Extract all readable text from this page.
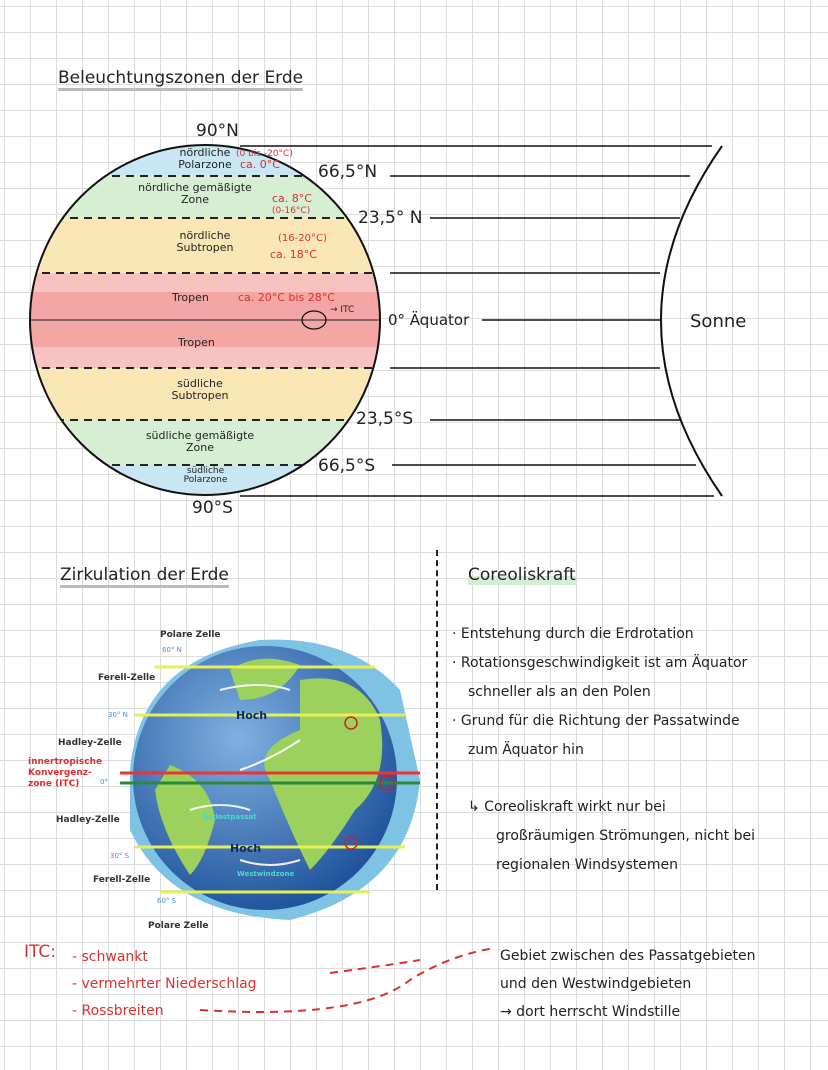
Beleuchtungszonen der Erde
90°N
66,5°N
23,5° N
0° Äquator
23,5°S
66,5°S
90°S
Sonne
→ ITC
nördliche Polarzone
(0 bis -20°C)
ca. 0°C
nördliche gemäßigte Zone	ca. 8°C
(0-16°C)
nördliche Subtropen
(16-20°C)
ca. 18°C
Tropen	ca. 20°C bis 28°C
Tropen
südliche Subtropen
südliche gemäßigte Zone
südliche Polarzone
Zirkulation der Erde
Polare Zelle
60° N
Ferell-Zelle
30° N
Hadley-Zelle
innertropische Konvergenz-zone (ITC)	0°
Hadley-Zelle
30° S
Ferell-Zelle
60° S
Polare Zelle
Hoch
Hoch
Südostpassat
Westwindzone
Coreoliskraft
· Entstehung durch die Erdrotation
· Rotationsgeschwindigkeit ist am Äquator
schneller als an den Polen
· Grund für die Richtung der Passatwinde
zum Äquator hin
↳ Coreoliskraft wirkt nur bei
großräumigen Strömungen, nicht bei
regionalen Windsystemen
ITC: - schwankt
- vermehrter Niederschlag
- Rossbreiten
Gebiet zwischen des Passatgebieten
und den Westwindgebieten
→ dort herrscht Windstille
